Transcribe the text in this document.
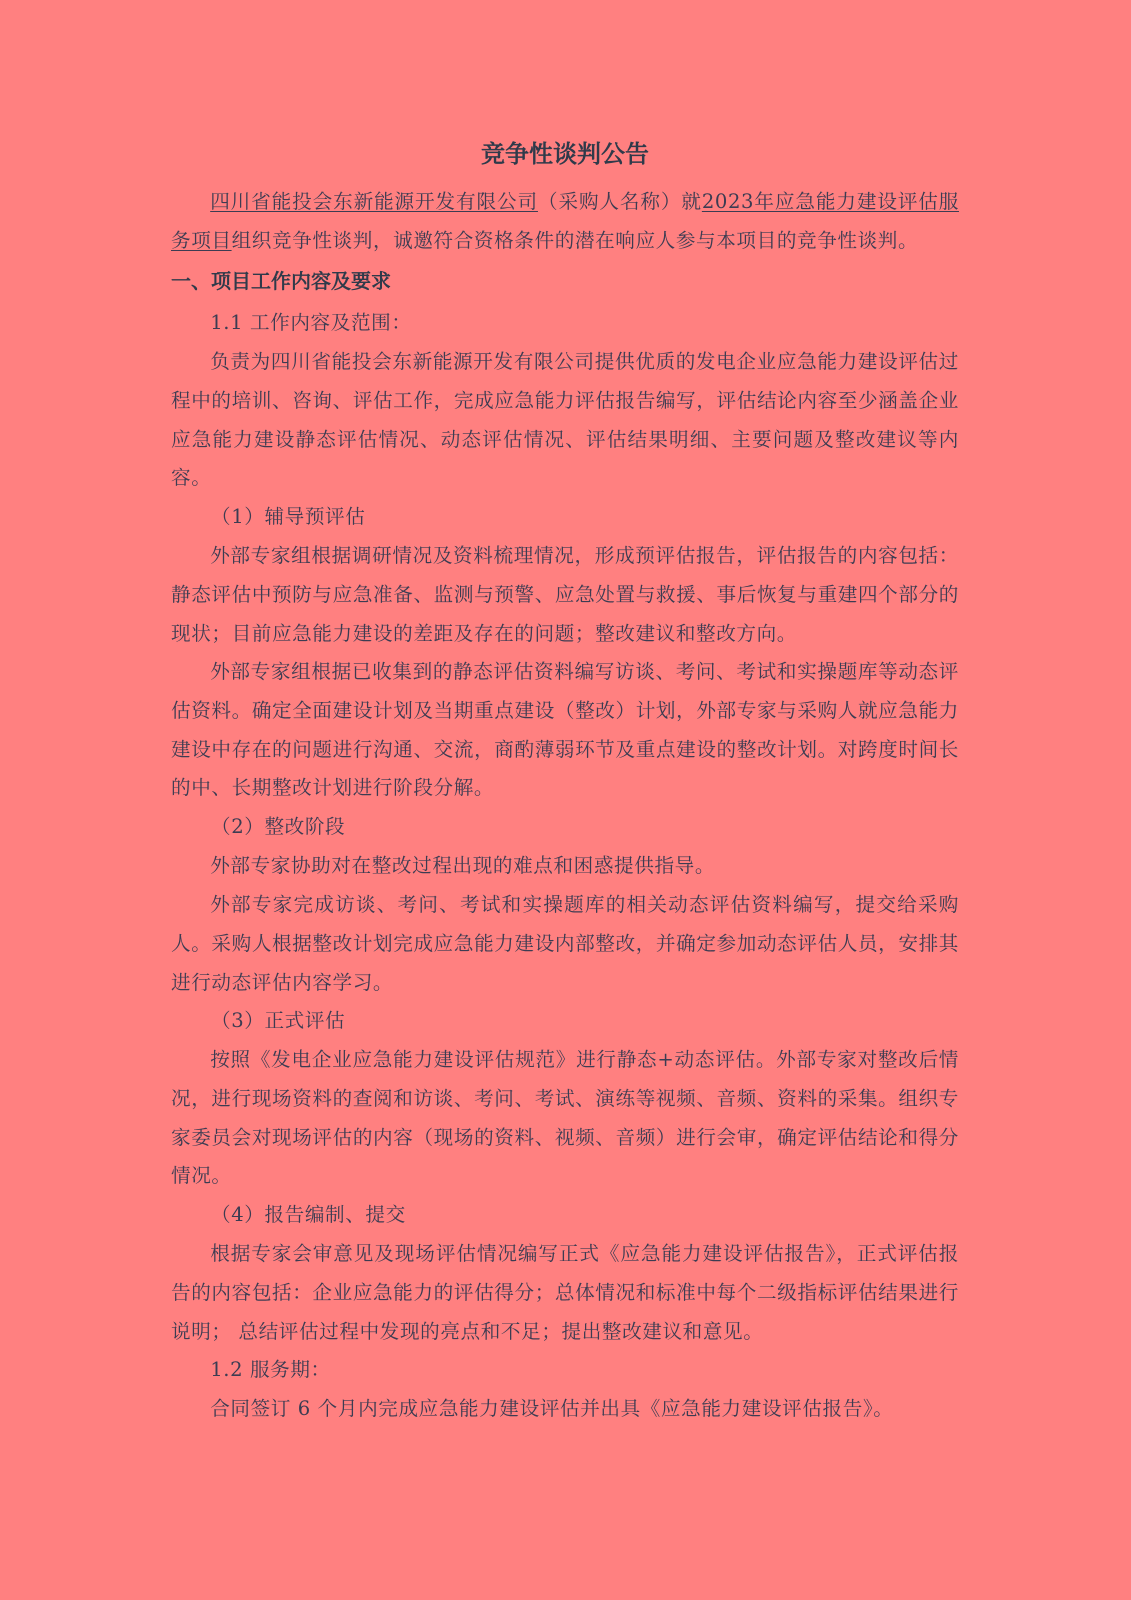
竞争性谈判公告

四川省能投会东新能源开发有限公司（采购人名称）就2023年应急能力建设评估服务项目组织竞争性谈判，诚邀符合资格条件的潜在响应人参与本项目的竞争性谈判。

一、项目工作内容及要求

1.1 工作内容及范围：

负责为四川省能投会东新能源开发有限公司提供优质的发电企业应急能力建设评估过程中的培训、咨询、评估工作，完成应急能力评估报告编写，评估结论内容至少涵盖企业应急能力建设静态评估情况、动态评估情况、评估结果明细、主要问题及整改建议等内容。

（1）辅导预评估

外部专家组根据调研情况及资料梳理情况，形成预评估报告，评估报告的内容包括：静态评估中预防与应急准备、监测与预警、应急处置与救援、事后恢复与重建四个部分的现状；目前应急能力建设的差距及存在的问题；整改建议和整改方向。

外部专家组根据已收集到的静态评估资料编写访谈、考问、考试和实操题库等动态评估资料。确定全面建设计划及当期重点建设（整改）计划，外部专家与采购人就应急能力建设中存在的问题进行沟通、交流，商酌薄弱环节及重点建设的整改计划。对跨度时间长的中、长期整改计划进行阶段分解。

（2）整改阶段

外部专家协助对在整改过程出现的难点和困惑提供指导。

外部专家完成访谈、考问、考试和实操题库的相关动态评估资料编写，提交给采购人。采购人根据整改计划完成应急能力建设内部整改，并确定参加动态评估人员，安排其进行动态评估内容学习。

（3）正式评估

按照《发电企业应急能力建设评估规范》进行静态+动态评估。外部专家对整改后情况，进行现场资料的查阅和访谈、考问、考试、演练等视频、音频、资料的采集。组织专家委员会对现场评估的内容（现场的资料、视频、音频）进行会审，确定评估结论和得分情况。

（4）报告编制、提交

根据专家会审意见及现场评估情况编写正式《应急能力建设评估报告》，正式评估报告的内容包括：企业应急能力的评估得分；总体情况和标准中每个二级指标评估结果进行说明； 总结评估过程中发现的亮点和不足；提出整改建议和意见。

1.2 服务期：

合同签订 6 个月内完成应急能力建设评估并出具《应急能力建设评估报告》。
